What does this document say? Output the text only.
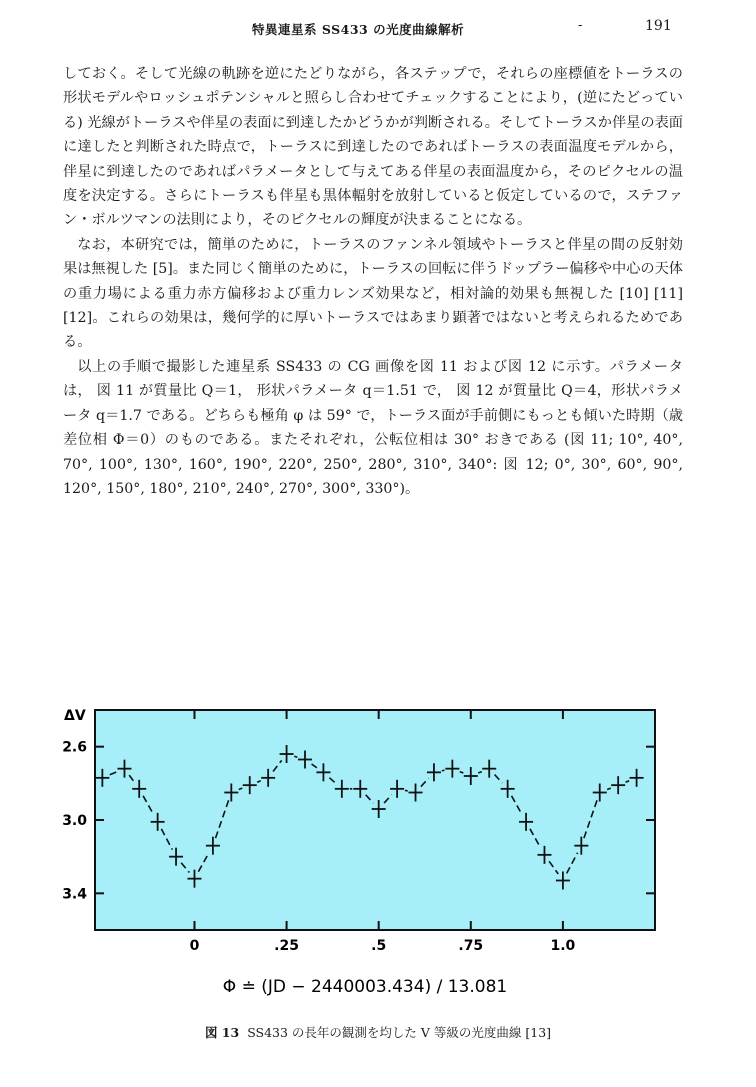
特異連星系 SS433 の光度曲線解析	-	191

しておく。そして光線の軌跡を逆にたどりながら，各ステップで，それらの座標値をトーラスの形状モデルやロッシュポテンシャルと照らし合わせてチェックすることにより，(逆にたどっている) 光線がトーラスや伴星の表面に到達したかどうかが判断される。そしてトーラスか伴星の表面に達したと判断された時点で，トーラスに到達したのであればトーラスの表面温度モデルから，伴星に到達したのであればパラメータとして与えてある伴星の表面温度から，そのピクセルの温度を決定する。さらにトーラスも伴星も黒体輻射を放射していると仮定しているので，ステファン・ボルツマンの法則により，そのピクセルの輝度が決まることになる。

なお，本研究では，簡単のために，トーラスのファンネル領域やトーラスと伴星の間の反射効果は無視した [5]。また同じく簡単のために，トーラスの回転に伴うドップラー偏移や中心の天体の重力場による重力赤方偏移および重力レンズ効果など，相対論的効果も無視した [10] [11] [12]。これらの効果は，幾何学的に厚いトーラスではあまり顕著ではないと考えられるためである。

以上の手順で撮影した連星系 SS433 の CG 画像を図 11 および図 12 に示す。パラメータは， 図 11 が質量比 Q＝1， 形状パラメータ q＝1.51 で， 図 12 が質量比 Q＝4，形状パラメータ q＝1.7 である。どちらも極角 φ は 59° で，トーラス面が手前側にもっとも傾いた時期（歳差位相 Φ＝0）のものである。またそれぞれ，公転位相は 30° おきである (図 11; 10°, 40°, 70°, 100°, 130°, 160°, 190°, 220°, 250°, 280°, 310°, 340°: 図 12; 0°, 30°, 60°, 90°, 120°, 150°, 180°, 210°, 240°, 270°, 300°, 330°)。

ΔV
2.6
3.0
3.4
0	.25	.5	.75	1.0
Φ ≐ (JD − 2440003.434) / 13.081
図 13 SS433 の長年の観測を均した V 等級の光度曲線 [13]
